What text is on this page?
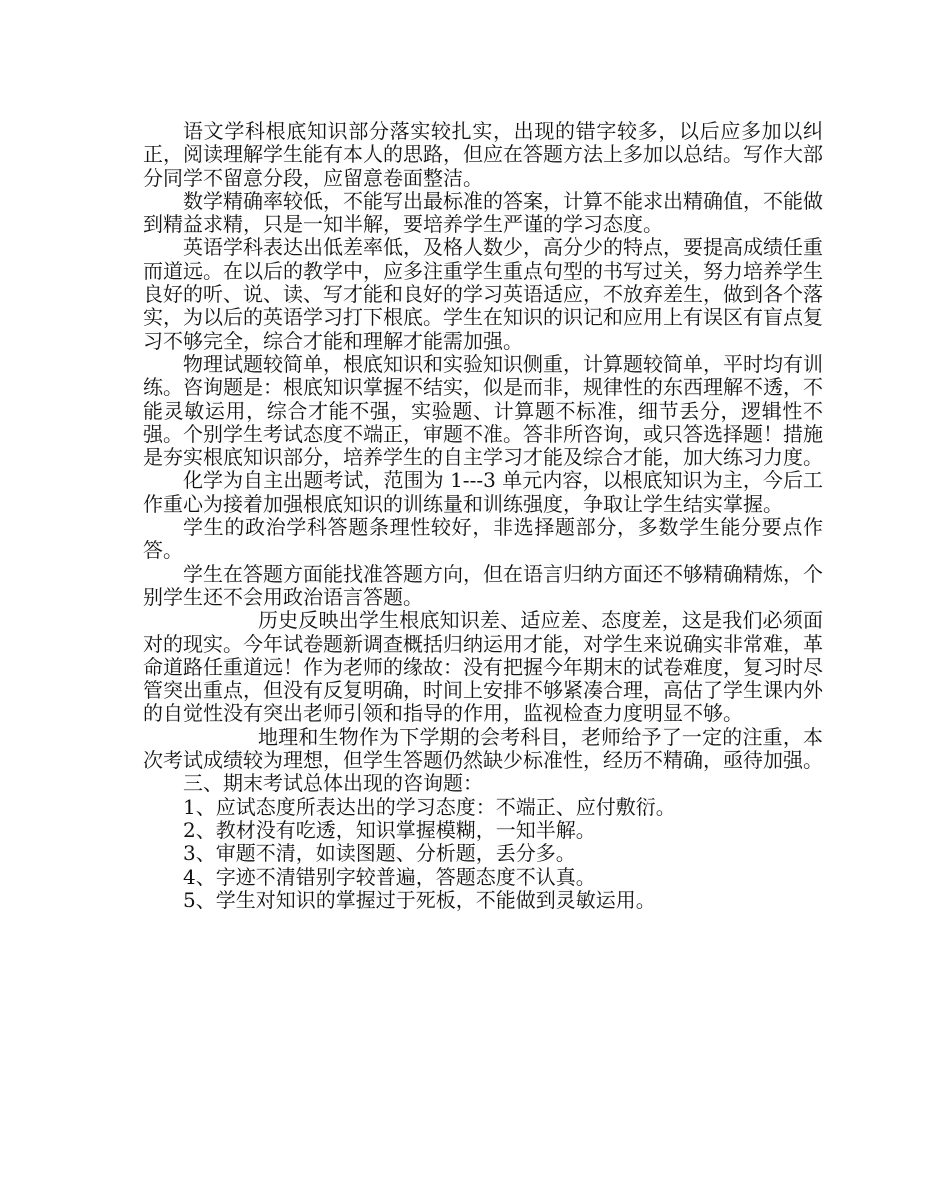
语文学科根底知识部分落实较扎实，出现的错字较多，以后应多加以纠正，阅读理解学生能有本人的思路，但应在答题方法上多加以总结。写作大部分同学不留意分段，应留意卷面整洁。

数学精确率较低，不能写出最标准的答案，计算不能求出精确值，不能做到精益求精，只是一知半解，要培养学生严谨的学习态度。

英语学科表达出低差率低，及格人数少，高分少的特点，要提高成绩任重而道远。在以后的教学中，应多注重学生重点句型的书写过关，努力培养学生良好的听、说、读、写才能和良好的学习英语适应，不放弃差生，做到各个落实，为以后的英语学习打下根底。学生在知识的识记和应用上有误区有盲点复习不够完全，综合才能和理解才能需加强。

物理试题较简单，根底知识和实验知识侧重，计算题较简单，平时均有训练。咨询题是：根底知识掌握不结实，似是而非，规律性的东西理解不透，不能灵敏运用，综合才能不强，实验题、计算题不标准，细节丢分，逻辑性不强。个别学生考试态度不端正，审题不准。答非所咨询，或只答选择题！措施是夯实根底知识部分，培养学生的自主学习才能及综合才能，加大练习力度。

化学为自主出题考试，范围为 1---3 单元内容，以根底知识为主，今后工作重心为接着加强根底知识的训练量和训练强度，争取让学生结实掌握。

学生的政治学科答题条理性较好，非选择题部分，多数学生能分要点作答。

学生在答题方面能找准答题方向，但在语言归纳方面还不够精确精炼，个别学生还不会用政治语言答题。

历史反映出学生根底知识差、适应差、态度差，这是我们必须面对的现实。今年试卷题新调查概括归纳运用才能，对学生来说确实非常难，革命道路任重道远！作为老师的缘故：没有把握今年期末的试卷难度，复习时尽管突出重点，但没有反复明确，时间上安排不够紧凑合理，高估了学生课内外的自觉性没有突出老师引领和指导的作用，监视检查力度明显不够。

地理和生物作为下学期的会考科目，老师给予了一定的注重，本次考试成绩较为理想，但学生答题仍然缺少标准性，经历不精确，亟待加强。

三、期末考试总体出现的咨询题：

1、应试态度所表达出的学习态度：不端正、应付敷衍。
2、教材没有吃透，知识掌握模糊，一知半解。
3、审题不清，如读图题、分析题，丢分多。
4、字迹不清错别字较普遍，答题态度不认真。
5、学生对知识的掌握过于死板，不能做到灵敏运用。
